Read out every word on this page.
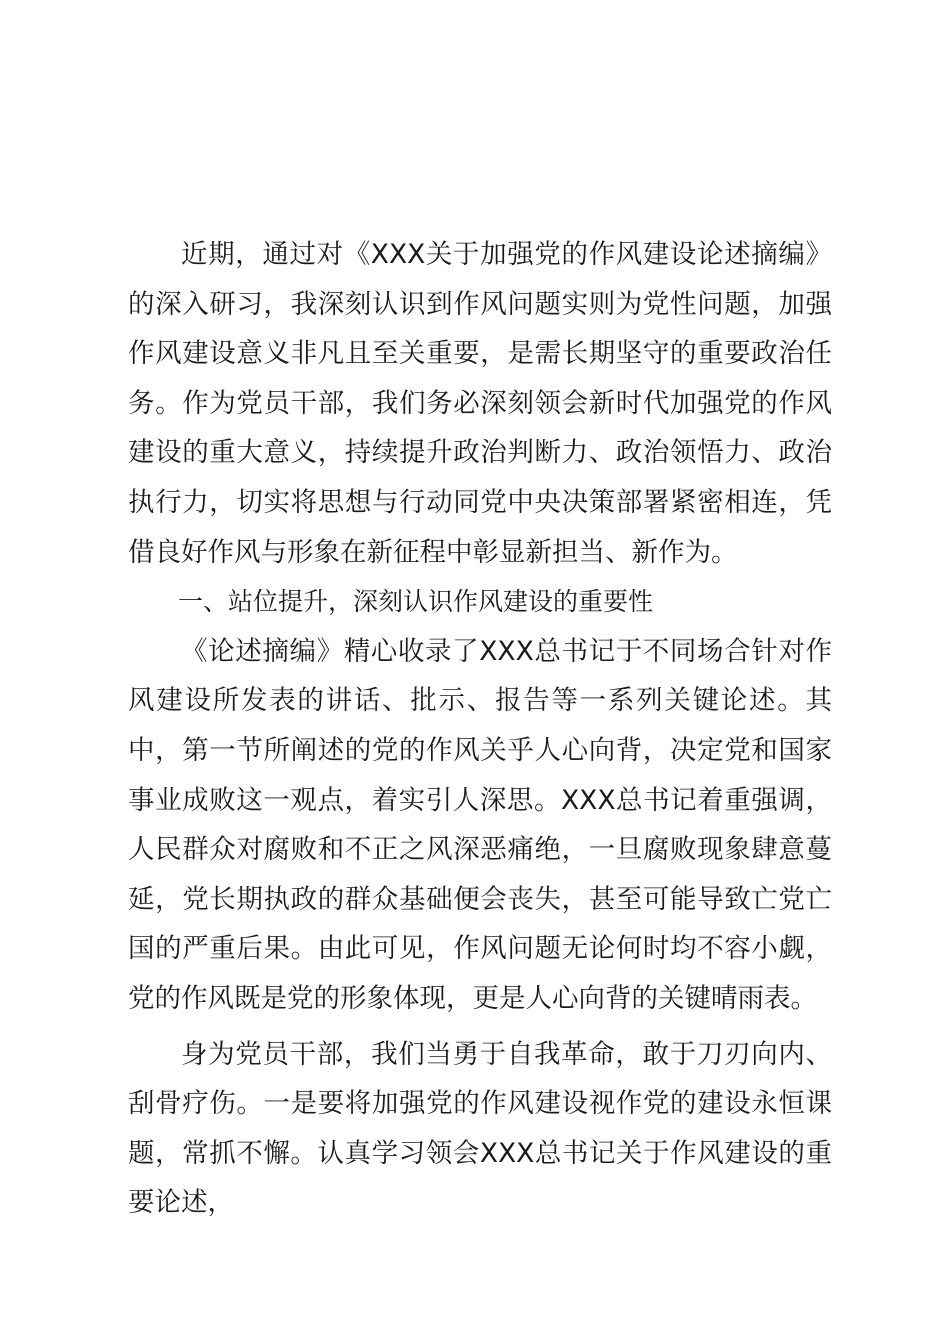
近期，通过对《XXX关于加强党的作风建设论述摘编》的深入研习，我深刻认识到作风问题实则为党性问题，加强作风建设意义非凡且至关重要，是需长期坚守的重要政治任务。作为党员干部，我们务必深刻领会新时代加强党的作风建设的重大意义，持续提升政治判断力、政治领悟力、政治执行力，切实将思想与行动同党中央决策部署紧密相连，凭借良好作风与形象在新征程中彰显新担当、新作为。

一、站位提升，深刻认识作风建设的重要性

《论述摘编》精心收录了XXX总书记于不同场合针对作风建设所发表的讲话、批示、报告等一系列关键论述。其中，第一节所阐述的党的作风关乎人心向背，决定党和国家事业成败这一观点，着实引人深思。XXX总书记着重强调，人民群众对腐败和不正之风深恶痛绝，一旦腐败现象肆意蔓延，党长期执政的群众基础便会丧失，甚至可能导致亡党亡国的严重后果。由此可见，作风问题无论何时均不容小觑，党的作风既是党的形象体现，更是人心向背的关键晴雨表。

身为党员干部，我们当勇于自我革命，敢于刀刃向内、刮骨疗伤。一是要将加强党的作风建设视作党的建设永恒课题，常抓不懈。认真学习领会XXX总书记关于作风建设的重要论述，
